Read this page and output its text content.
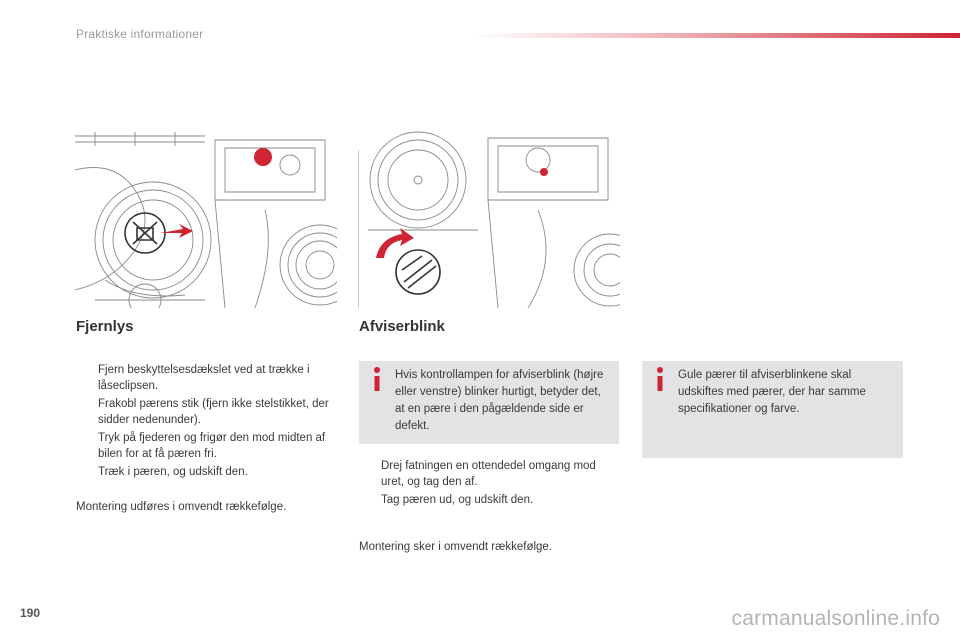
Praktiske informationer
Fjernlys
Fjern beskyttelsesdækslet ved at trække i låseclipsen.
Frakobl pærens stik (fjern ikke stelstikket, der sidder nedenunder).
Tryk på fjederen og frigør den mod midten af bilen for at få pæren fri.
Træk i pæren, og udskift den.
Montering udføres i omvendt rækkefølge.
Afviserblink
Hvis kontrollampen for afviserblink (højre eller venstre) blinker hurtigt, betyder det, at en pære i den pågældende side er defekt.
Drej fatningen en ottendedel omgang mod uret, og tag den af.
Tag pæren ud, og udskift den.
Montering sker i omvendt rækkefølge.
Gule pærer til afviserblinkene skal udskiftes med pærer, der har samme specifikationer og farve.
190	carmanualsonline.info
